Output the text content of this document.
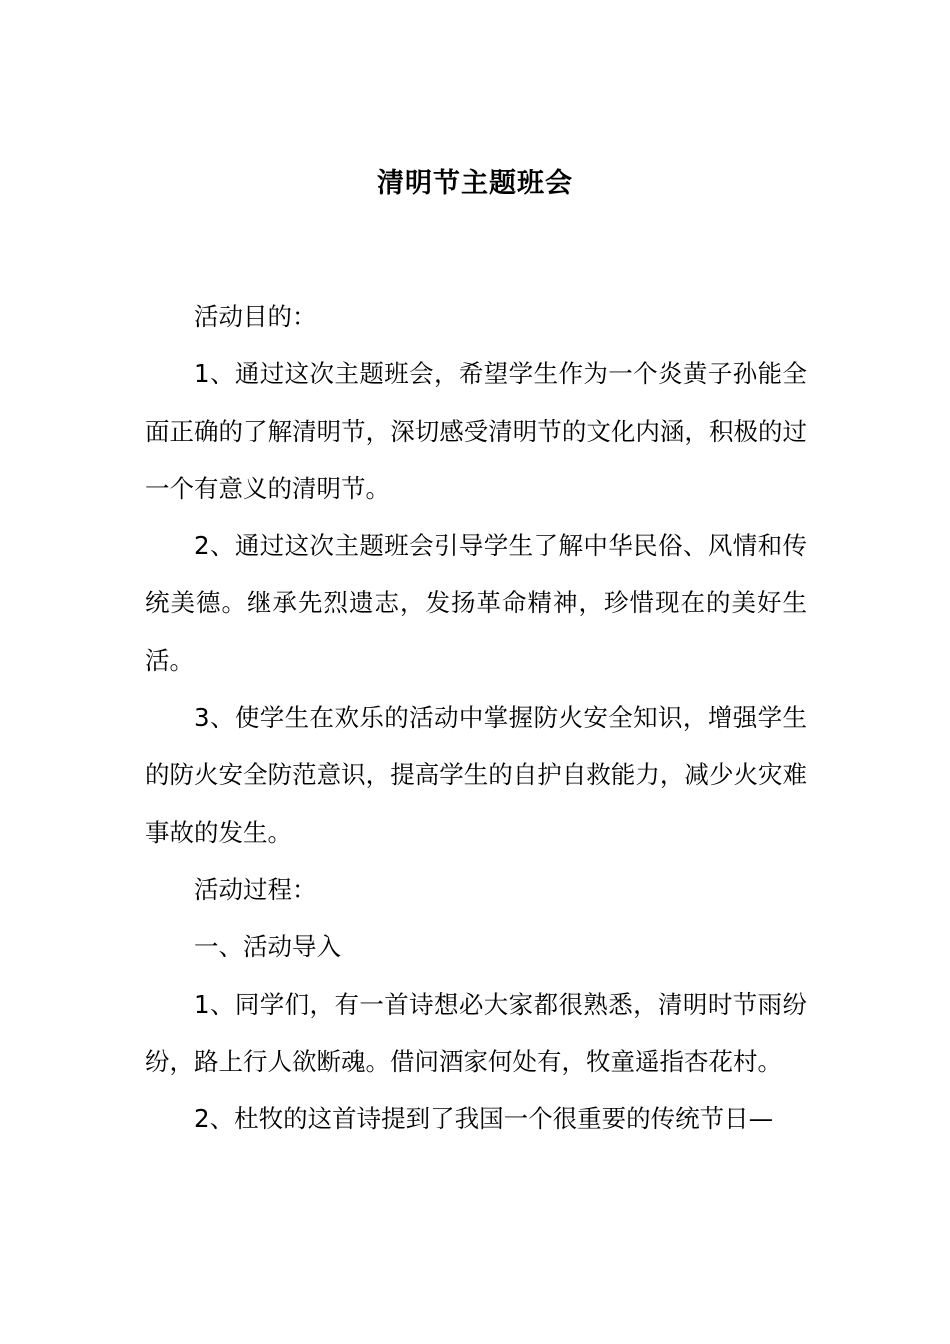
清明节主题班会

活动目的：

1、通过这次主题班会，希望学生作为一个炎黄子孙能全面正确的了解清明节，深切感受清明节的文化内涵，积极的过一个有意义的清明节。

2、通过这次主题班会引导学生了解中华民俗、风情和传统美德。继承先烈遗志，发扬革命精神，珍惜现在的美好生活。

3、使学生在欢乐的活动中掌握防火安全知识，增强学生的防火安全防范意识，提高学生的自护自救能力，减少火灾难事故的发生。

活动过程：

一、活动导入

1、同学们，有一首诗想必大家都很熟悉，清明时节雨纷纷，路上行人欲断魂。借问酒家何处有，牧童遥指杏花村。

2、杜牧的这首诗提到了我国一个很重要的传统节日—
